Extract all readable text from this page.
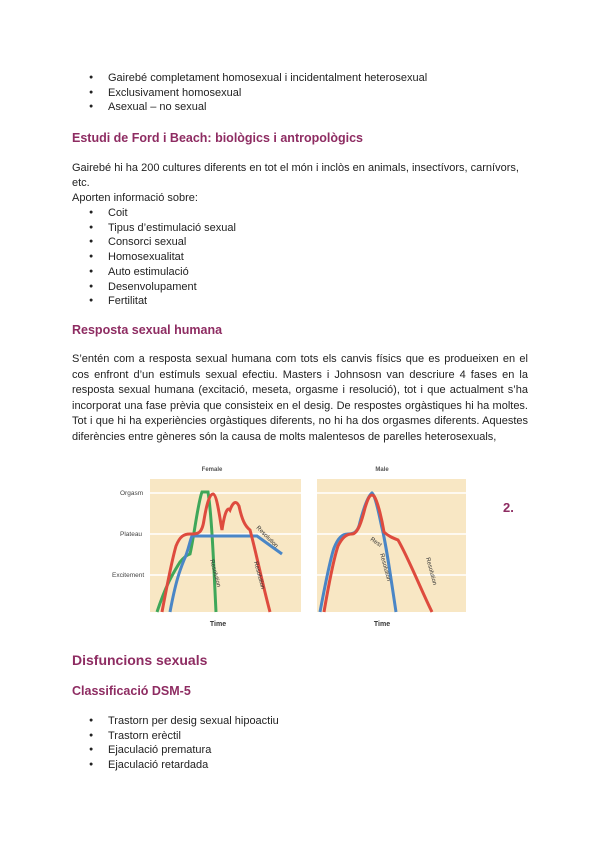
● Gairebé completament homosexual i incidentalment heterosexual
● Exclusivament homosexual
● Asexual – no sexual
Estudi de Ford i Beach: biològics i antropològics
Gairebé hi ha 200 cultures diferents en tot el món i inclòs en animals, insectívors, carnívors, etc.
Aporten informació sobre:
● Coit
● Tipus d’estimulació sexual
● Consorci sexual
● Homosexualitat
● Auto estimulació
● Desenvolupament
● Fertilitat
Resposta sexual humana
S’entén com a resposta sexual humana com tots els canvis físics que es produeixen en el cos enfront d’un estímuls sexual efectiu. Masters i Johnsosn van descriure 4 fases en la resposta sexual humana (excitació, meseta, orgasme i resolució), tot i que actualment s’ha incorporat una fase prèvia que consisteix en el desig. De respostes orgàstiques hi ha moltes. Tot i que hi ha experiències orgàstiques diferents, no hi ha dos orgasmes diferents. Aquestes diferències entre gèneres són la causa de molts malentesos de parelles heterosexuals,
Orgasm
Plateau
Excitement
Female	Male
Resolution
Resolution	Resolution
Rest
Resolution	Resolution
Time	Time
2.
Disfuncions sexuals
Classificació DSM-5
● Trastorn per desig sexual hipoactiu
● Trastorn erèctil
● Ejaculació prematura
● Ejaculació retardada
